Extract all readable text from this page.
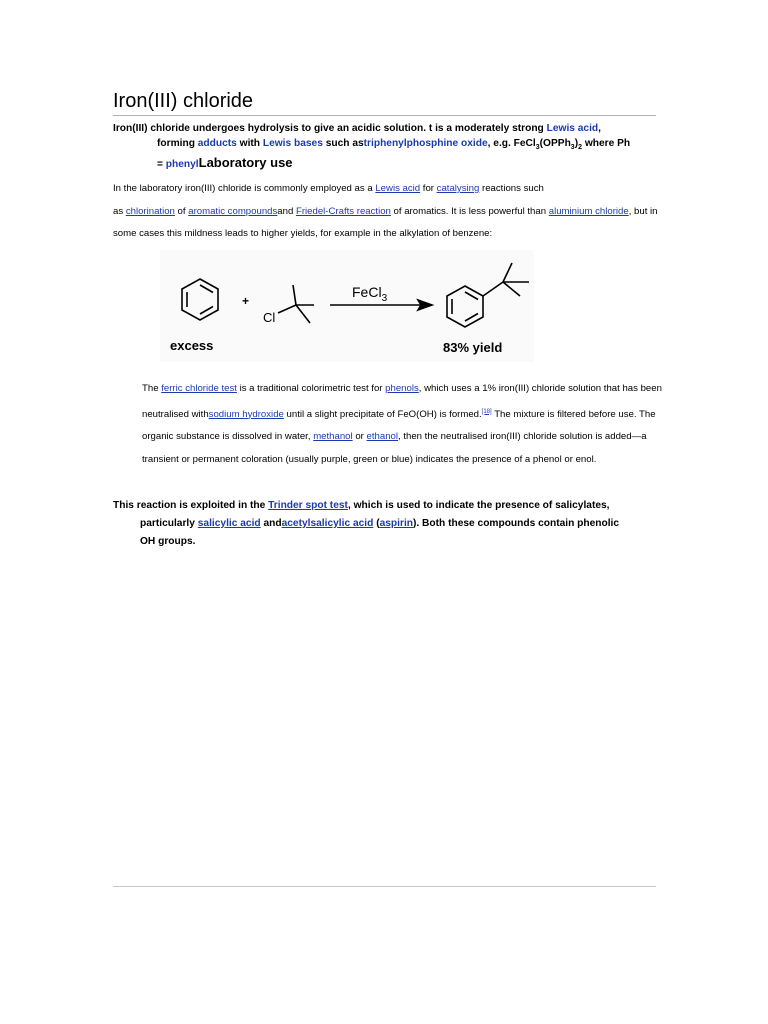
Iron(III) chloride
Iron(III) chloride undergoes hydrolysis to give an acidic solution. t is a moderately strong Lewis acid,
forming adducts with Lewis bases such astriphenylphosphine oxide, e.g. $FeCl_3(OPPh_3)_2$ where Ph
= phenylLaboratory use
In the laboratory iron(III) chloride is commonly employed as a Lewis acid for catalysing reactions such
as chlorination of aromatic compoundsand Friedel-Crafts reaction of aromatics. It is less powerful than aluminium chloride, but in some cases this mildness leads to higher yields, for example in the alkylation of benzene:
+
Cl
FeCl$_3$
excess	83% yield
The ferric chloride test is a traditional colorimetric test for phenols, which uses a 1% iron(III) chloride solution that has been neutralised withsodium hydroxide until a slight precipitate of FeO(OH) is formed.[18] The mixture is filtered before use. The organic substance is dissolved in water, methanol or ethanol, then the neutralised iron(III) chloride solution is added—a transient or permanent coloration (usually purple, green or blue) indicates the presence of a phenol or enol.
This reaction is exploited in the Trinder spot test, which is used to indicate the presence of salicylates,
particularly salicylic acid andacetylsalicylic acid (aspirin). Both these compounds contain phenolic
OH groups.
